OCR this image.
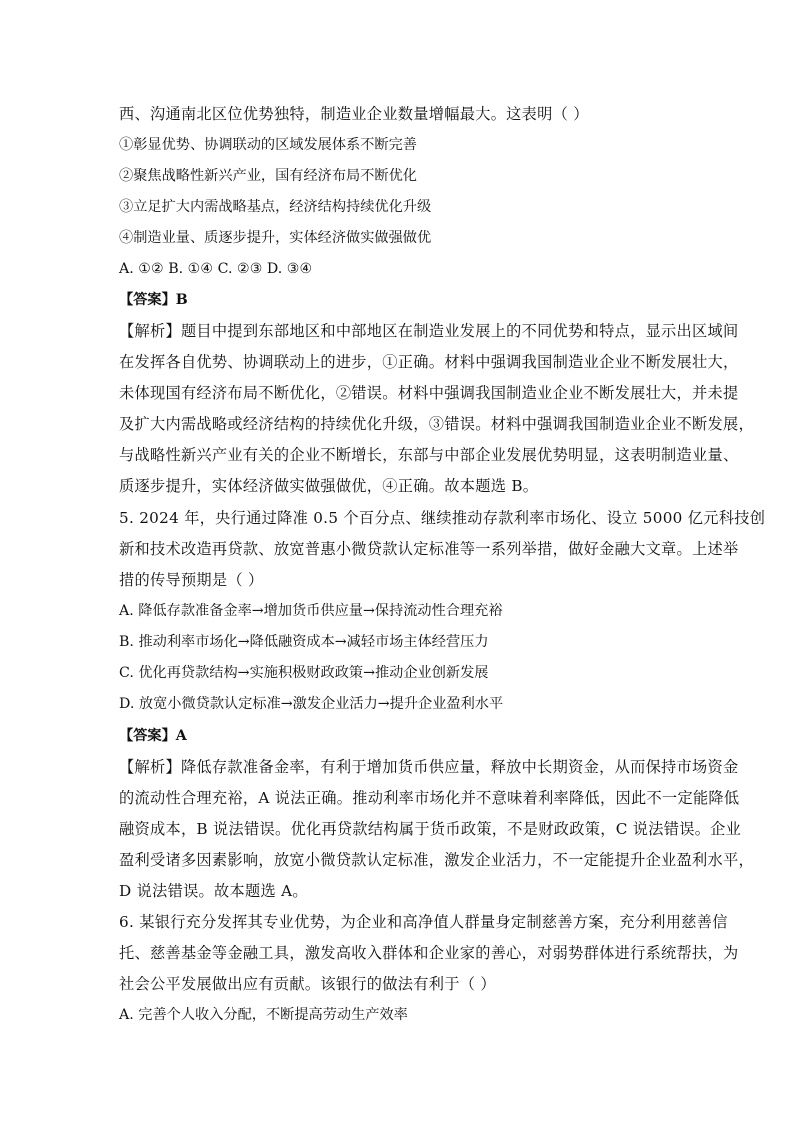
西、沟通南北区位优势独特，制造业企业数量增幅最大。这表明（ ）
①彰显优势、协调联动的区域发展体系不断完善
②聚焦战略性新兴产业，国有经济布局不断优化
③立足扩大内需战略基点，经济结构持续优化升级
④制造业量、质逐步提升，实体经济做实做强做优
A. ①② B. ①④ C. ②③ D. ③④
【答案】B
【解析】题目中提到东部地区和中部地区在制造业发展上的不同优势和特点，显示出区域间
在发挥各自优势、协调联动上的进步，①正确。材料中强调我国制造业企业不断发展壮大，
未体现国有经济布局不断优化，②错误。材料中强调我国制造业企业不断发展壮大，并未提
及扩大内需战略或经济结构的持续优化升级，③错误。材料中强调我国制造业企业不断发展，
与战略性新兴产业有关的企业不断增长，东部与中部企业发展优势明显，这表明制造业量、
质逐步提升，实体经济做实做强做优，④正确。故本题选 B。
5. 2024 年，央行通过降准 0.5 个百分点、继续推动存款利率市场化、设立 5000 亿元科技创
新和技术改造再贷款、放宽普惠小微贷款认定标准等一系列举措，做好金融大文章。上述举
措的传导预期是（ ）
A. 降低存款准备金率→增加货币供应量→保持流动性合理充裕
B. 推动利率市场化→降低融资成本→减轻市场主体经营压力
C. 优化再贷款结构→实施积极财政政策→推动企业创新发展
D. 放宽小微贷款认定标准→激发企业活力→提升企业盈利水平
【答案】A
【解析】降低存款准备金率，有利于增加货币供应量，释放中长期资金，从而保持市场资金
的流动性合理充裕，A 说法正确。推动利率市场化并不意味着利率降低，因此不一定能降低
融资成本，B 说法错误。优化再贷款结构属于货币政策，不是财政政策，C 说法错误。企业
盈利受诸多因素影响，放宽小微贷款认定标准，激发企业活力，不一定能提升企业盈利水平，
D 说法错误。故本题选 A。
6. 某银行充分发挥其专业优势，为企业和高净值人群量身定制慈善方案，充分利用慈善信
托、慈善基金等金融工具，激发高收入群体和企业家的善心，对弱势群体进行系统帮扶，为
社会公平发展做出应有贡献。该银行的做法有利于（ ）
A. 完善个人收入分配，不断提高劳动生产效率
